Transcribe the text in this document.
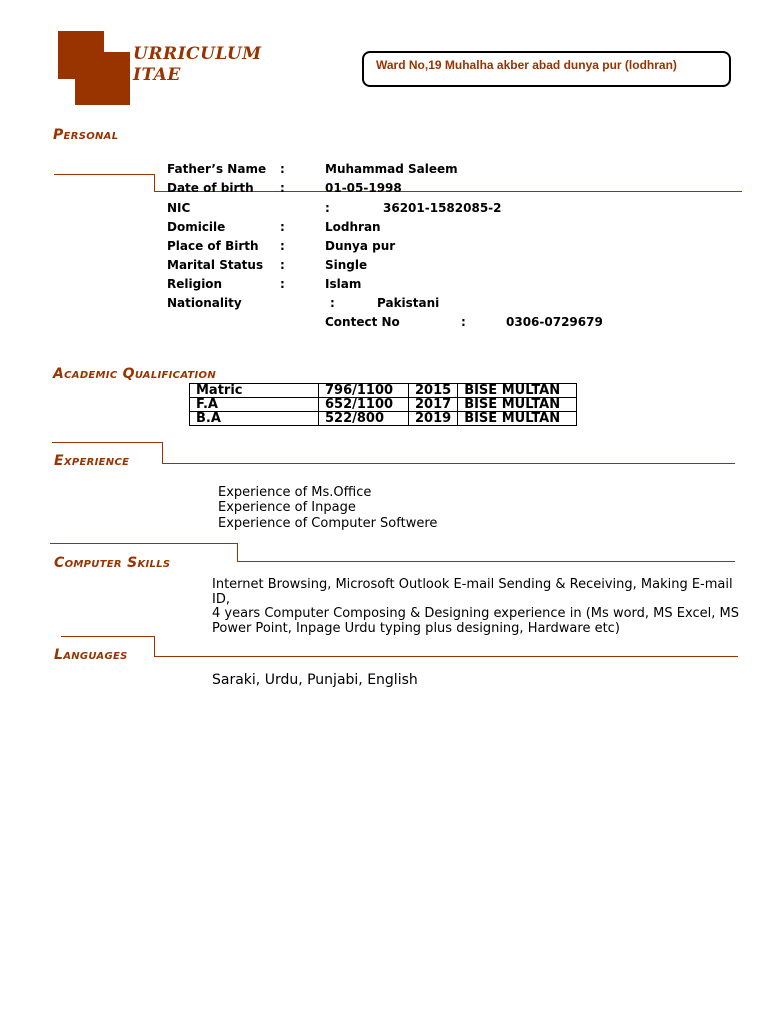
URRICULUM
ITAE	Ward No,19 Muhalha akber abad dunya pur (lodhran)
Personal
Father’s Name :	Muhammad Saleem
Date of birth :	01-05-1998
NIC	:	36201-1582085-2
Domicile	:	Lodhran
Place of Birth :	Dunya pur
Marital Status :	Single
Religion	:	Islam
Nationality	:	Pakistani
Contect No	:	0306-0729679
Academic Qualification
Matric	796/1100	2015	BISE MULTAN
F.A	652/1100	2017	BISE MULTAN
B.A	522/800	2019	BISE MULTAN
Experience
Experience of Ms.Office
Experience of Inpage
Experience of Computer Softwere
Computer Skills
Internet Browsing, Microsoft Outlook E-mail Sending & Receiving, Making E-mail ID,
4 years Computer Composing & Designing experience in (Ms word, MS Excel, MS Power Point, Inpage Urdu typing plus designing, Hardware etc)
Languages
Saraki, Urdu, Punjabi, English
